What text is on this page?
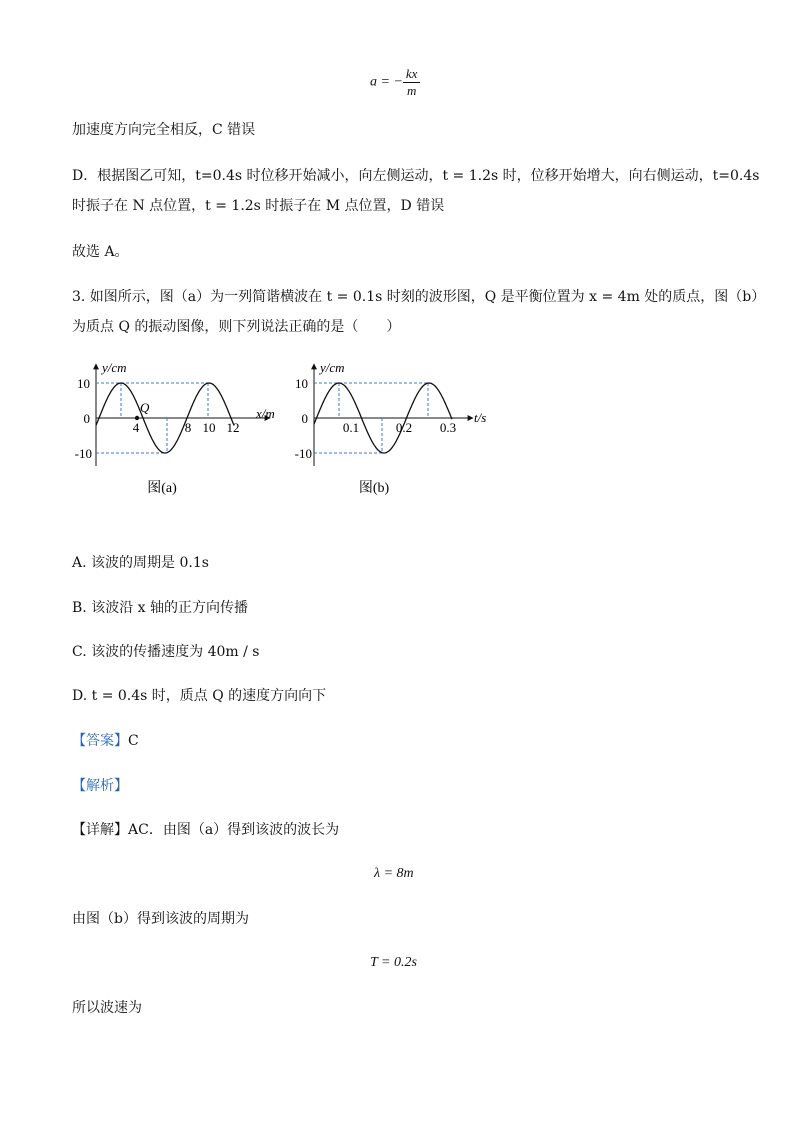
a = − $\frac{kx}{m}$
加速度方向完全相反，C 错误
D．根据图乙可知，t=0.4s 时位移开始减小，向左侧运动，t = 1.2s 时，位移开始增大，向右侧运动，t=0.4s
时振子在 N 点位置，t = 1.2s 时振子在 M 点位置，D 错误
故选 A。
3. 如图所示，图（a）为一列简谐横波在 t = 0.1s 时刻的波形图，Q 是平衡位置为 x = 4m 处的质点，图（b）
为质点 Q 的振动图像，则下列说法正确的是（　　）
Q
y/cm
x/m
10
0
-10
4	8 10 12
图(a)
y/cm
t/s
10
0
-10
0.1	0.2 0.3
图(b)
A. 该波的周期是 0.1s
B. 该波沿 x 轴的正方向传播
C. 该波的传播速度为 40m / s
D. t = 0.4s 时，质点 Q 的速度方向向下
【答案】C
【解析】
【详解】AC．由图（a）得到该波的波长为
λ = 8m
由图（b）得到该波的周期为
T = 0.2s
所以波速为
